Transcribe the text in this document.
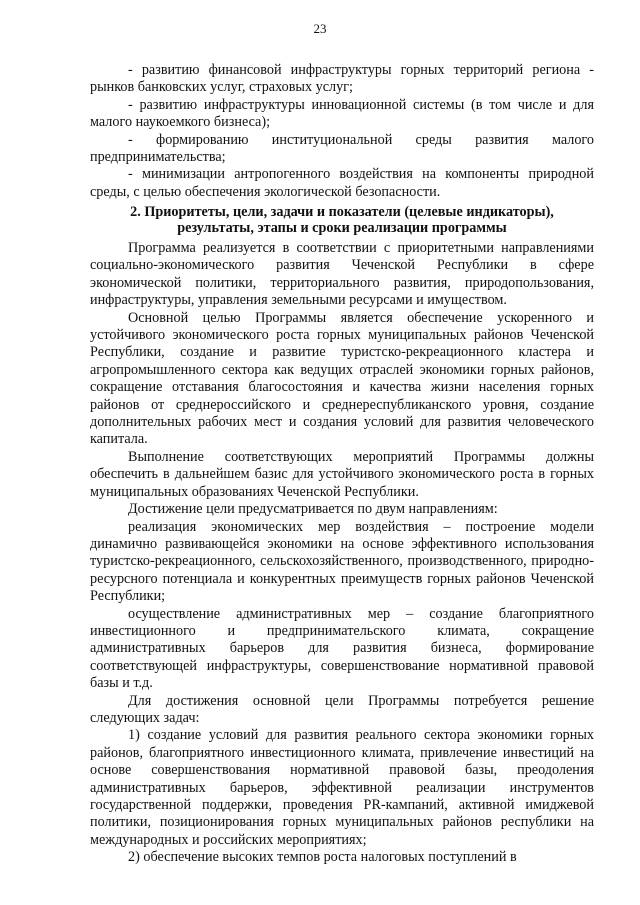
23

- развитию финансовой инфраструктуры горных территорий региона - рынков банковских услуг, страховых услуг;

- развитию инфраструктуры инновационной системы (в том числе и для малого наукоемкого бизнеса);

- формированию институциональной среды развития малого предпринимательства;

- минимизации антропогенного воздействия на компоненты природной среды, с целью обеспечения экологической безопасности.

2. Приоритеты, цели, задачи и показатели (целевые индикаторы), результаты, этапы и сроки реализации программы

Программа реализуется в соответствии с приоритетными направлениями социально-экономического развития Чеченской Республики в сфере экономической политики, территориального развития, природопользования, инфраструктуры, управления земельными ресурсами и имуществом.

Основной целью Программы является обеспечение ускоренного и устойчивого экономического роста горных муниципальных районов Чеченской Республики, создание и развитие туристско-рекреационного кластера и агропромышленного сектора как ведущих отраслей экономики горных районов, сокращение отставания благосостояния и качества жизни населения горных районов от среднероссийского и среднереспубликанского уровня, создание дополнительных рабочих мест и создания условий для развития человеческого капитала.

Выполнение соответствующих мероприятий Программы должны обеспечить в дальнейшем базис для устойчивого экономического роста в горных муниципальных образованиях Чеченской Республики.

Достижение цели предусматривается по двум направлениям:

реализация экономических мер воздействия – построение модели динамично развивающейся экономики на основе эффективного использования туристско-рекреационного, сельскохозяйственного, производственного, природно-ресурсного потенциала и конкурентных преимуществ горных районов Чеченской Республики;

осуществление административных мер – создание благоприятного инвестиционного и предпринимательского климата, сокращение административных барьеров для развития бизнеса, формирование соответствующей инфраструктуры, совершенствование нормативной правовой базы и т.д.

Для достижения основной цели Программы потребуется решение следующих задач:

1) создание условий для развития реального сектора экономики горных районов, благоприятного инвестиционного климата, привлечение инвестиций на основе совершенствования нормативной правовой базы, преодоления административных барьеров, эффективной реализации инструментов государственной поддержки, проведения PR-кампаний, активной имиджевой политики, позиционирования горных муниципальных районов республики на международных и российских мероприятиях;

2) обеспечение высоких темпов роста налоговых поступлений в
